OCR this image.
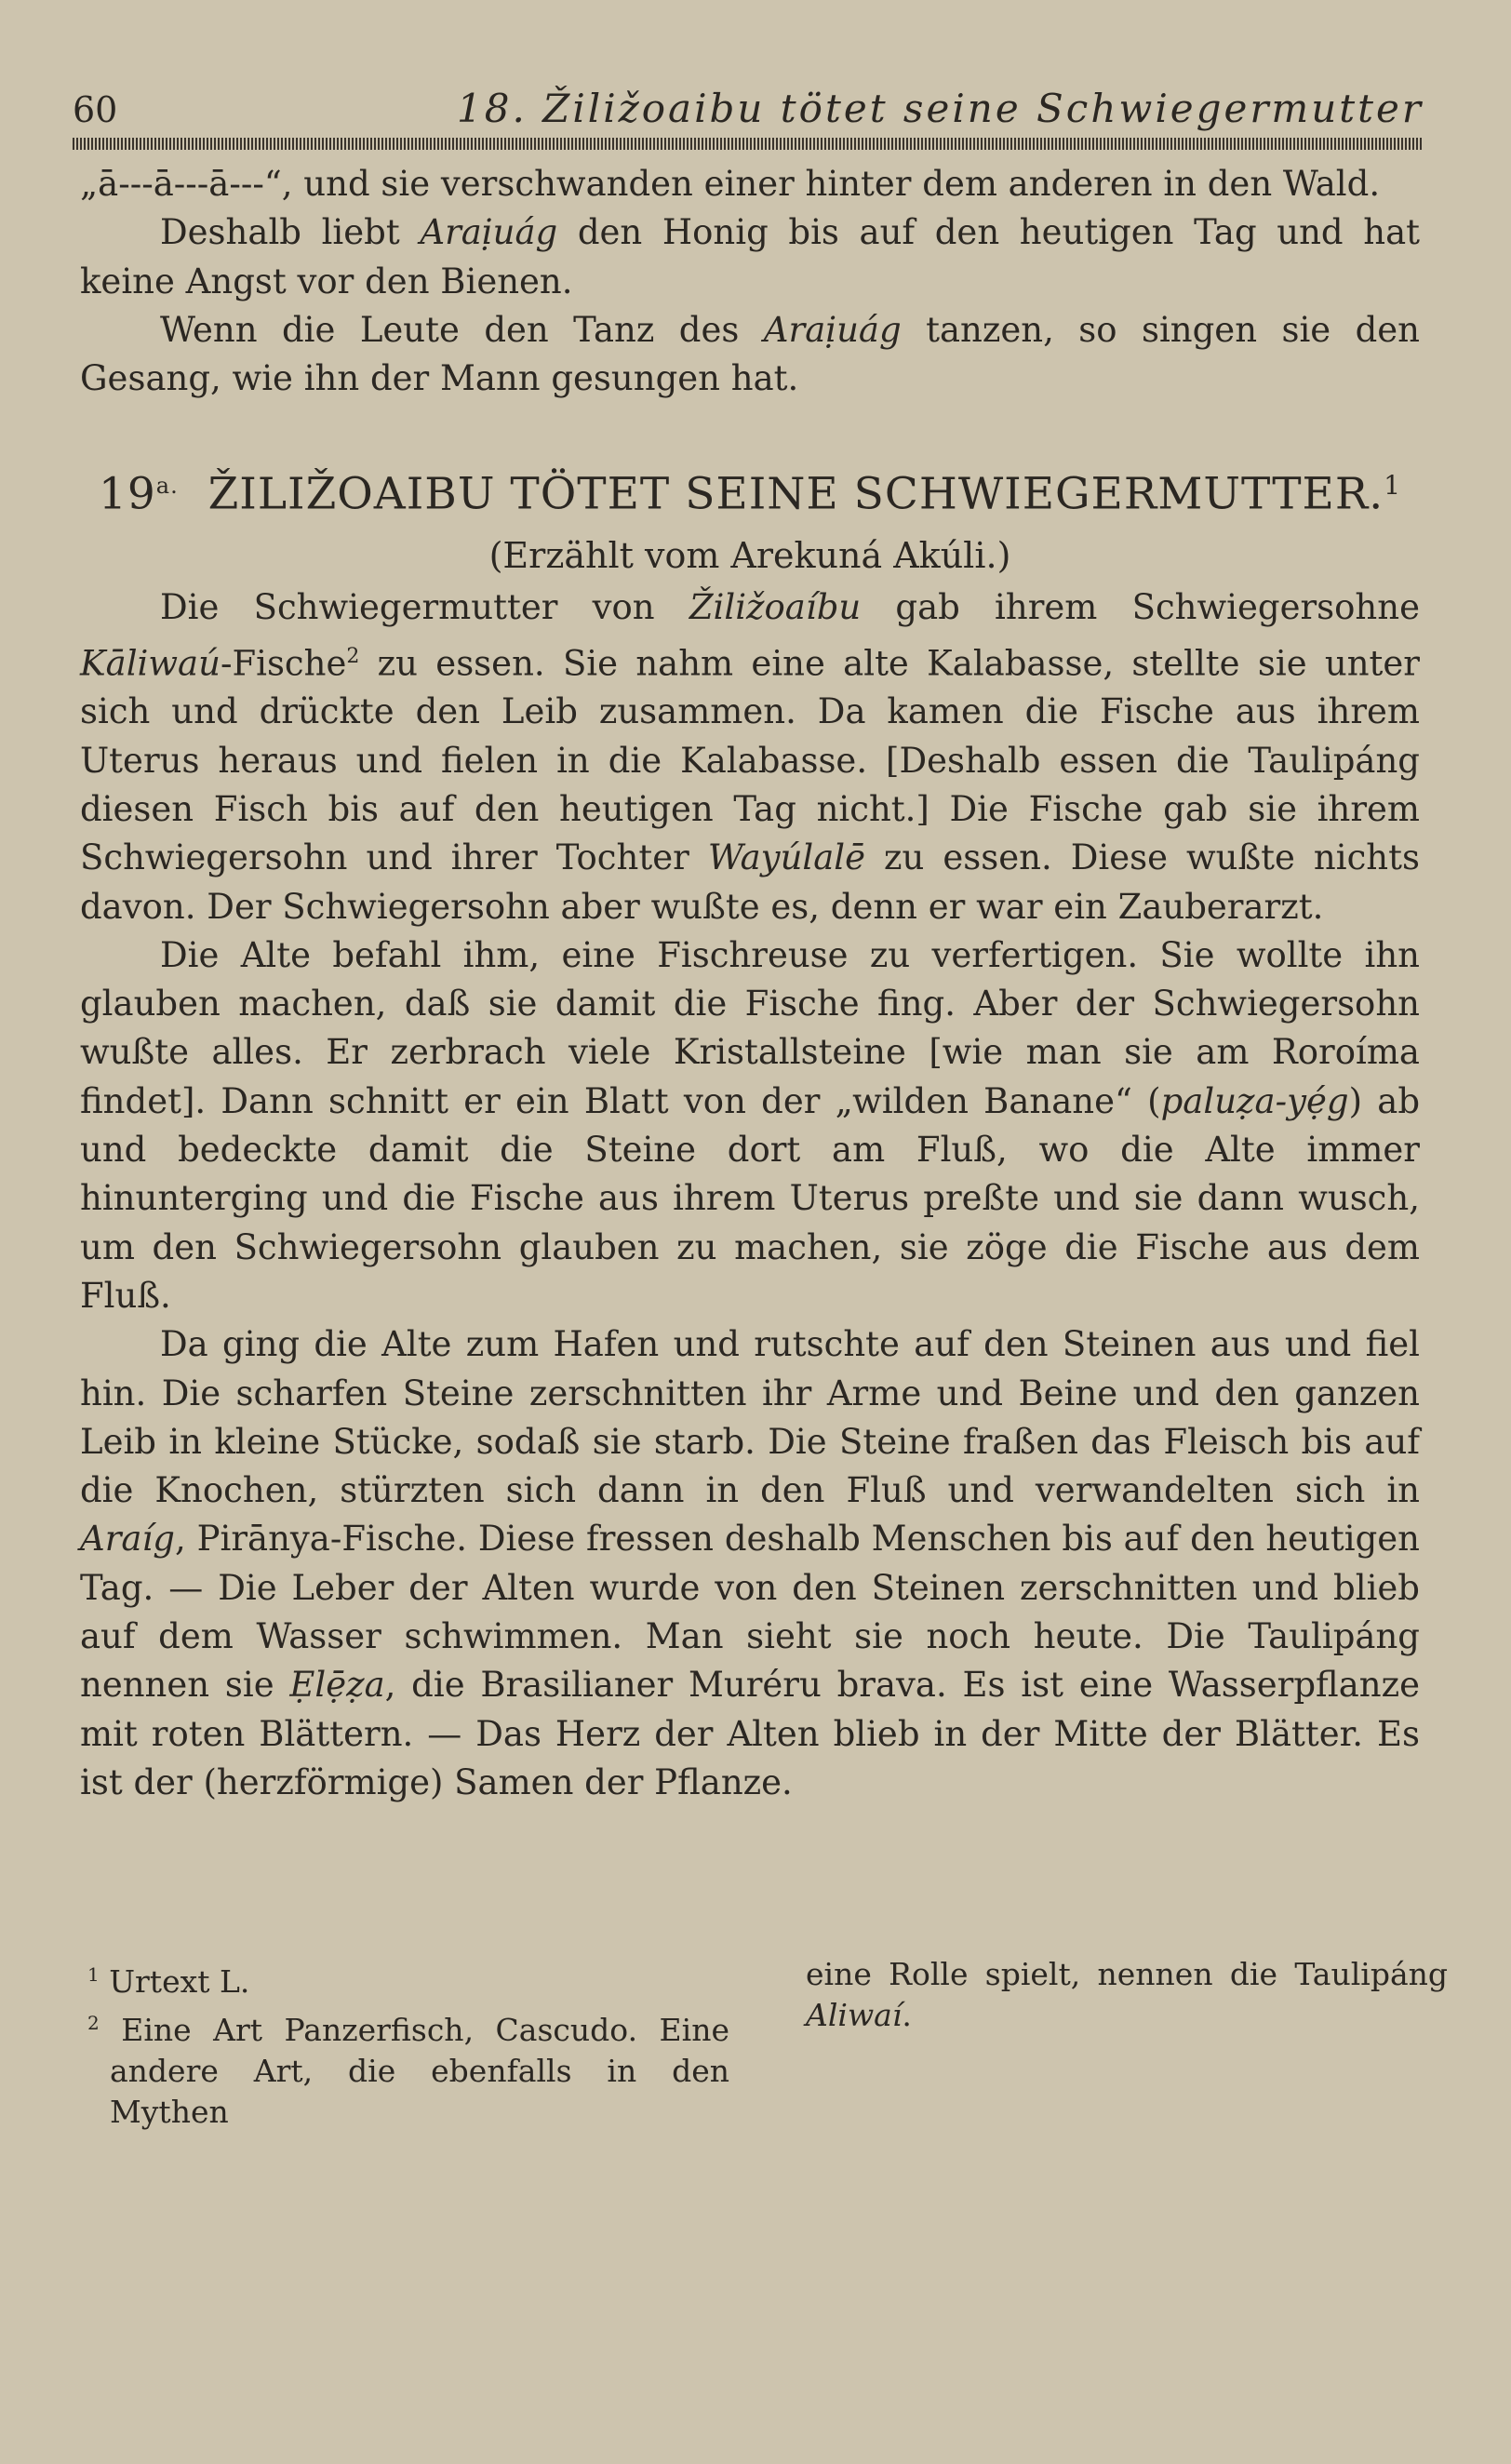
60	18. Žiližoaibu tötet seine Schwiegermutter

„ā---ā---ā---“, und sie verschwanden einer hinter dem anderen in den Wald.

Deshalb liebt Araịuág den Honig bis auf den heutigen Tag und hat keine Angst vor den Bienen.

Wenn die Leute den Tanz des Araịuág tanzen, so singen sie den Gesang, wie ihn der Mann gesungen hat.

$19^{a.}$ ŽILIŽOAIBU TÖTET SEINE SCHWIEGERMUTTER.$^1$
(Erzählt vom Arekuná Akúli.)

Die Schwiegermutter von Žiližoaíbu gab ihrem Schwiegersohne Kāliwaú-Fische$^2$ zu essen. Sie nahm eine alte Kalabasse, stellte sie unter sich und drückte den Leib zusammen. Da kamen die Fische aus ihrem Uterus heraus und fielen in die Kalabasse. [Deshalb essen die Taulipáng diesen Fisch bis auf den heutigen Tag nicht.] Die Fische gab sie ihrem Schwiegersohn und ihrer Tochter Wayúlalē zu essen. Diese wußte nichts davon. Der Schwiegersohn aber wußte es, denn er war ein Zauberarzt.

Die Alte befahl ihm, eine Fischreuse zu verfertigen. Sie wollte ihn glauben machen, daß sie damit die Fische fing. Aber der Schwiegersohn wußte alles. Er zerbrach viele Kristallsteine [wie man sie am Roroíma findet]. Dann schnitt er ein Blatt von der „wilden Banane“ (paluẓa-yẹ́g) ab und bedeckte damit die Steine dort am Fluß, wo die Alte immer hinunterging und die Fische aus ihrem Uterus preßte und sie dann wusch, um den Schwiegersohn glauben zu machen, sie zöge die Fische aus dem Fluß.

Da ging die Alte zum Hafen und rutschte auf den Steinen aus und fiel hin. Die scharfen Steine zerschnitten ihr Arme und Beine und den ganzen Leib in kleine Stücke, sodaß sie starb. Die Steine fraßen das Fleisch bis auf die Knochen, stürzten sich dann in den Fluß und verwandelten sich in Araíg, Pirānya-Fische. Diese fressen deshalb Menschen bis auf den heutigen Tag. — Die Leber der Alten wurde von den Steinen zerschnitten und blieb auf dem Wasser schwimmen. Man sieht sie noch heute. Die Taulipáng nennen sie Ẹlẹ̄ẓa, die Brasilianer Muréru brava. Es ist eine Wasserpflanze mit roten Blättern. — Das Herz der Alten blieb in der Mitte der Blätter. Es ist der (herzförmige) Samen der Pflanze.

$^1$ Urtext L.

$^2$ Eine Art Panzerfisch, Cascudo. Eine andere Art, die ebenfalls in den Mythen

eine Rolle spielt, nennen die Taulipáng Aliwaí.
